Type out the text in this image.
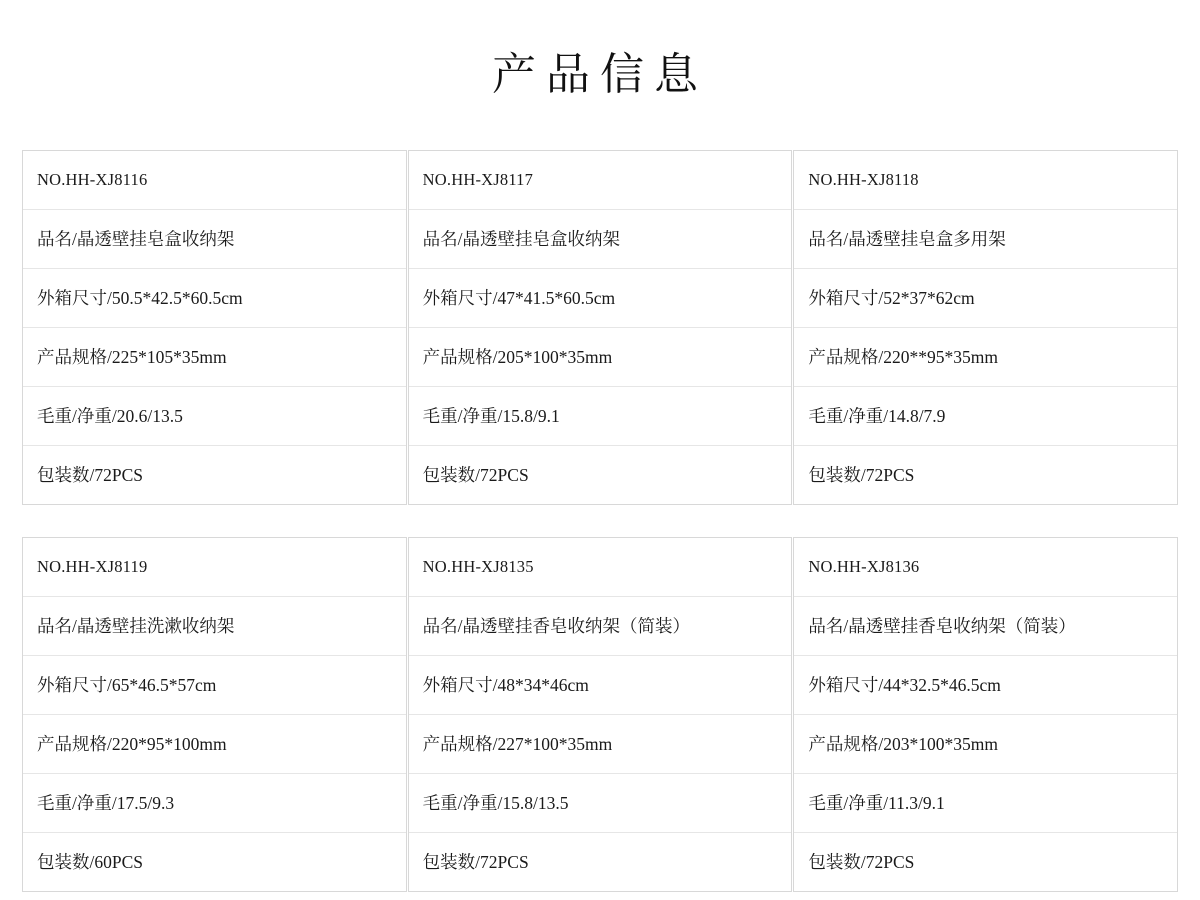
产品信息
NO.HH-XJ8116
品名/晶透壁挂皂盒收纳架
外箱尺寸/50.5*42.5*60.5cm
产品规格/225*105*35mm
毛重/净重/20.6/13.5
包装数/72PCS
NO.HH-XJ8117
品名/晶透壁挂皂盒收纳架
外箱尺寸/47*41.5*60.5cm
产品规格/205*100*35mm
毛重/净重/15.8/9.1
包装数/72PCS
NO.HH-XJ8118
品名/晶透壁挂皂盒多用架
外箱尺寸/52*37*62cm
产品规格/220**95*35mm
毛重/净重/14.8/7.9
包装数/72PCS
NO.HH-XJ8119
品名/晶透壁挂洗漱收纳架
外箱尺寸/65*46.5*57cm
产品规格/220*95*100mm
毛重/净重/17.5/9.3
包装数/60PCS
NO.HH-XJ8135
品名/晶透壁挂香皂收纳架（简装）
外箱尺寸/48*34*46cm
产品规格/227*100*35mm
毛重/净重/15.8/13.5
包装数/72PCS
NO.HH-XJ8136
品名/晶透壁挂香皂收纳架（简装）
外箱尺寸/44*32.5*46.5cm
产品规格/203*100*35mm
毛重/净重/11.3/9.1
包装数/72PCS
